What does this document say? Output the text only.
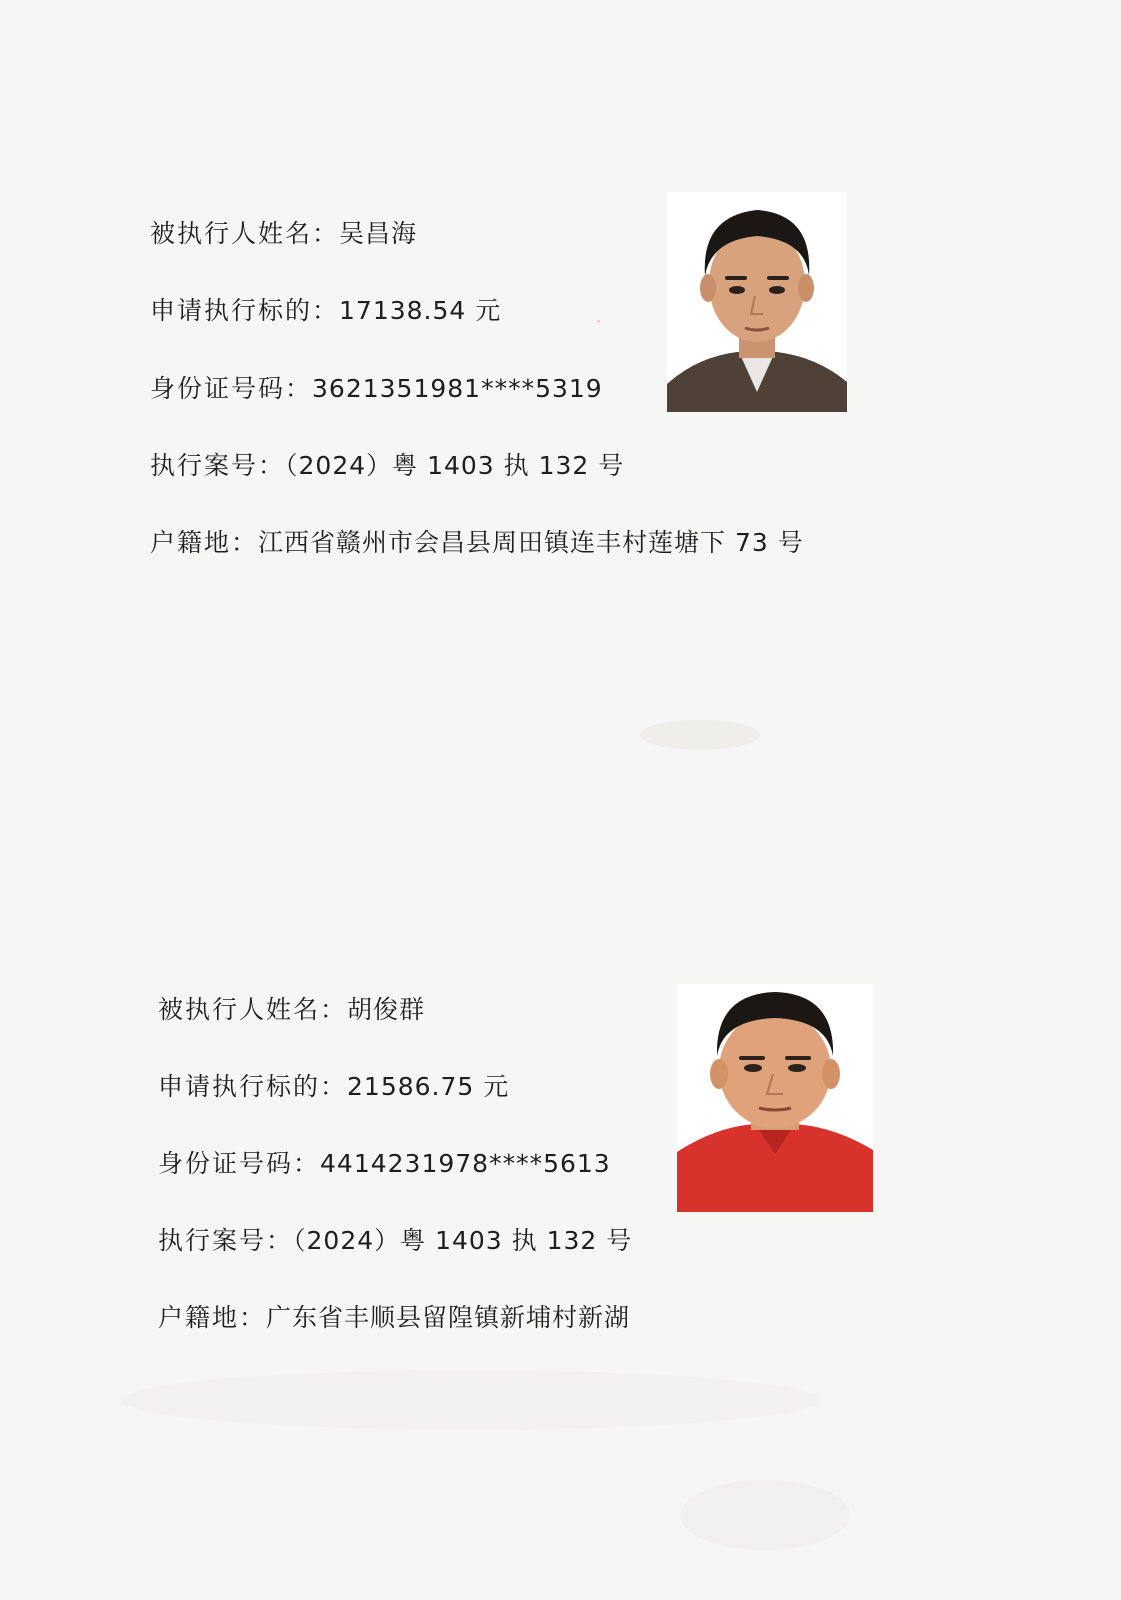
被执行人姓名：吴昌海
申请执行标的：17138.54 元
身份证号码：3621351981****5319
执行案号：（2024）粤 1403 执 132 号
户籍地：江西省赣州市会昌县周田镇连丰村莲塘下 73 号
被执行人姓名：胡俊群
申请执行标的：21586.75 元
身份证号码：4414231978****5613
执行案号：（2024）粤 1403 执 132 号
户籍地：广东省丰顺县留隍镇新埔村新湖
